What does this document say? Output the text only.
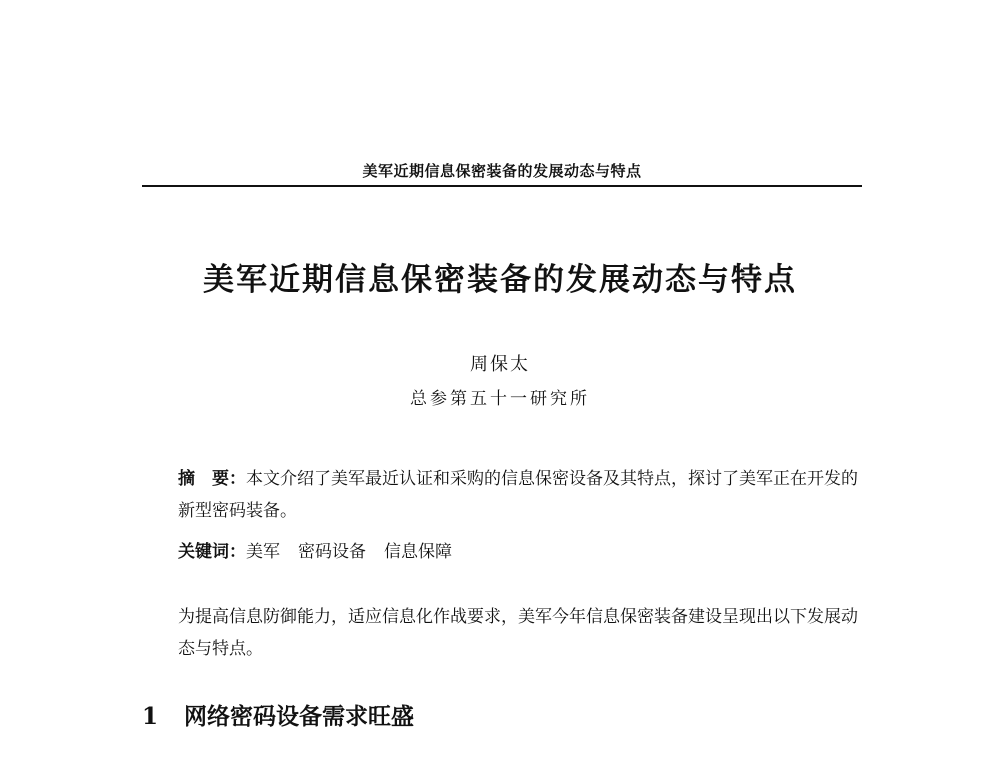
美军近期信息保密装备的发展动态与特点
美军近期信息保密装备的发展动态与特点
周保太
总参第五十一研究所
摘　要：本文介绍了美军最近认证和采购的信息保密设备及其特点，探讨了美军正在开发的新型密码装备。
关键词：美军 密码设备 信息保障
为提高信息防御能力，适应信息化作战要求，美军今年信息保密装备建设呈现出以下发展动态与特点。
1 网络密码设备需求旺盛
